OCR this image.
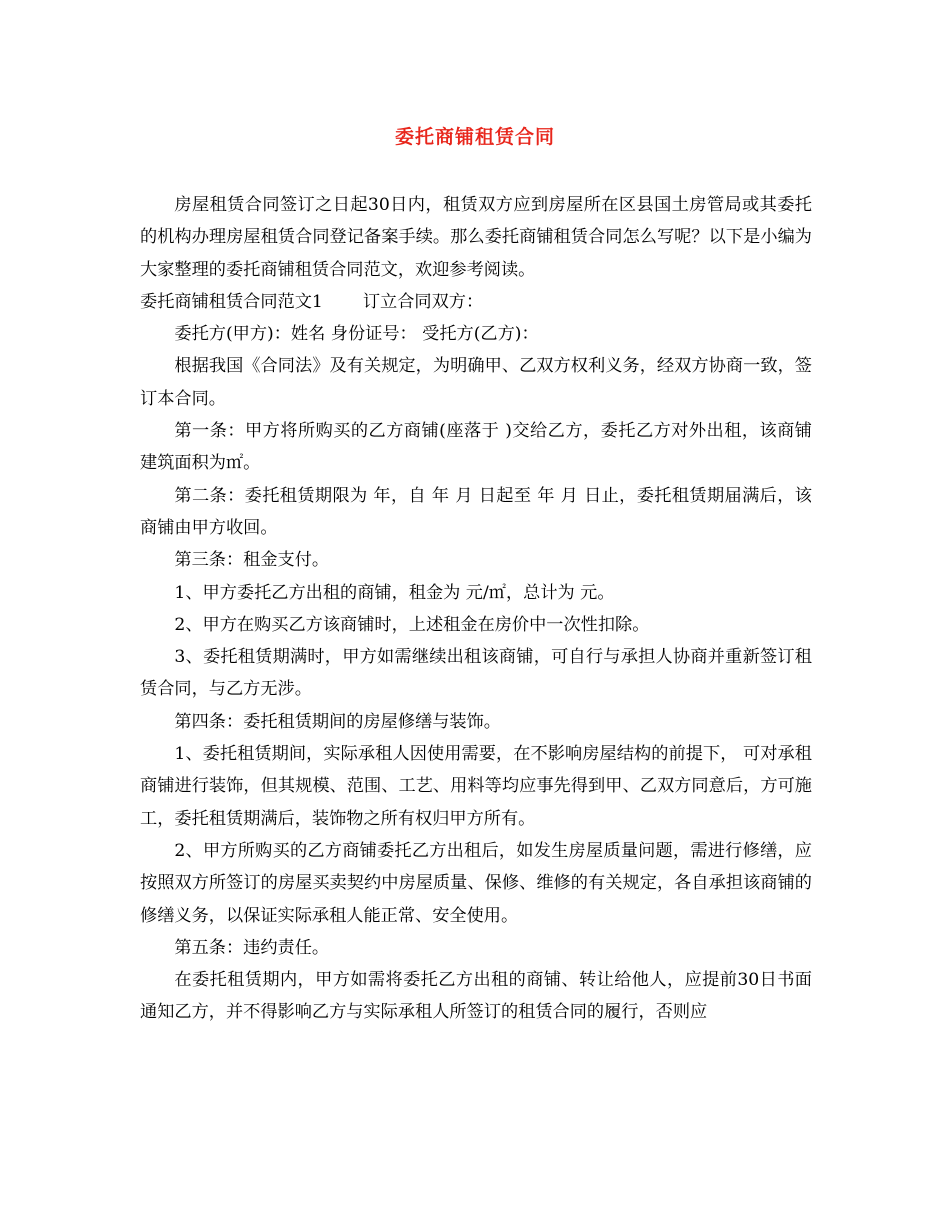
委托商铺租赁合同

房屋租赁合同签订之日起30日内，租赁双方应到房屋所在区县国土房管局或其委托的机构办理房屋租赁合同登记备案手续。那么委托商铺租赁合同怎么写呢？以下是小编为大家整理的委托商铺租赁合同范文，欢迎参考阅读。

委托商铺租赁合同范文1 订立合同双方：

委托方(甲方)：姓名 身份证号： 受托方(乙方)：

根据我国《合同法》及有关规定，为明确甲、乙双方权利义务，经双方协商一致，签订本合同。

第一条：甲方将所购买的乙方商铺(座落于 )交给乙方，委托乙方对外出租，该商铺建筑面积为㎡。

第二条：委托租赁期限为 年，自 年 月 日起至 年 月 日止，委托租赁期届满后，该商铺由甲方收回。

第三条：租金支付。

1、甲方委托乙方出租的商铺，租金为 元/㎡，总计为 元。

2、甲方在购买乙方该商铺时，上述租金在房价中一次性扣除。

3、委托租赁期满时，甲方如需继续出租该商铺，可自行与承担人协商并重新签订租赁合同，与乙方无涉。

第四条：委托租赁期间的房屋修缮与装饰。

1、委托租赁期间，实际承租人因使用需要，在不影响房屋结构的前提下， 可对承租商铺进行装饰，但其规模、范围、工艺、用料等均应事先得到甲、乙双方同意后，方可施工，委托租赁期满后，装饰物之所有权归甲方所有。

2、甲方所购买的乙方商铺委托乙方出租后，如发生房屋质量问题，需进行修缮，应按照双方所签订的房屋买卖契约中房屋质量、保修、维修的有关规定，各自承担该商铺的修缮义务，以保证实际承租人能正常、安全使用。

第五条：违约责任。

在委托租赁期内，甲方如需将委托乙方出租的商铺、转让给他人，应提前30日书面通知乙方，并不得影响乙方与实际承租人所签订的租赁合同的履行，否则应
